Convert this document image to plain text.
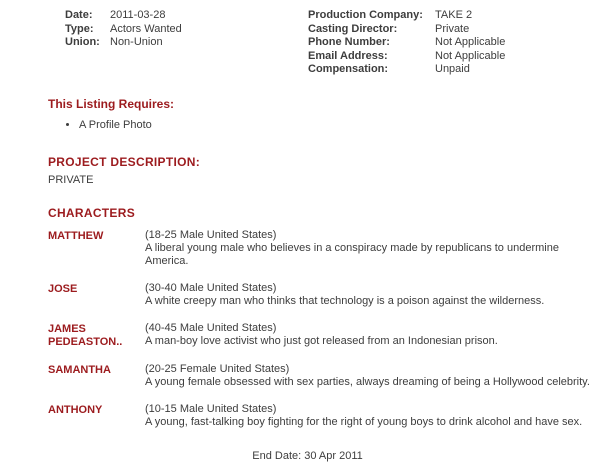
Date:	2011-03-28
Type:	Actors Wanted
Union: Non-Union
Production Company:	TAKE 2
Casting Director:	Private
Phone Number:	Not Applicable
Email Address:	Not Applicable
Compensation:	Unpaid
This Listing Requires:
• A Profile Photo
PROJECT DESCRIPTION:
PRIVATE
CHARACTERS
MATTHEW	(18-25 Male United States)
A liberal young male who believes in a conspiracy made by republicans to undermine America.
JOSE	(30-40 Male United States)
A white creepy man who thinks that technology is a poison against the wilderness.
JAMES PEDEASTON..
(40-45 Male United States)
A man-boy love activist who just got released from an Indonesian prison.
SAMANTHA	(20-25 Female United States)
A young female obsessed with sex parties, always dreaming of being a Hollywood celebrity.
ANTHONY	(10-15 Male United States)
A young, fast-talking boy fighting for the right of young boys to drink alcohol and have sex.
End Date: 30 Apr 2011
